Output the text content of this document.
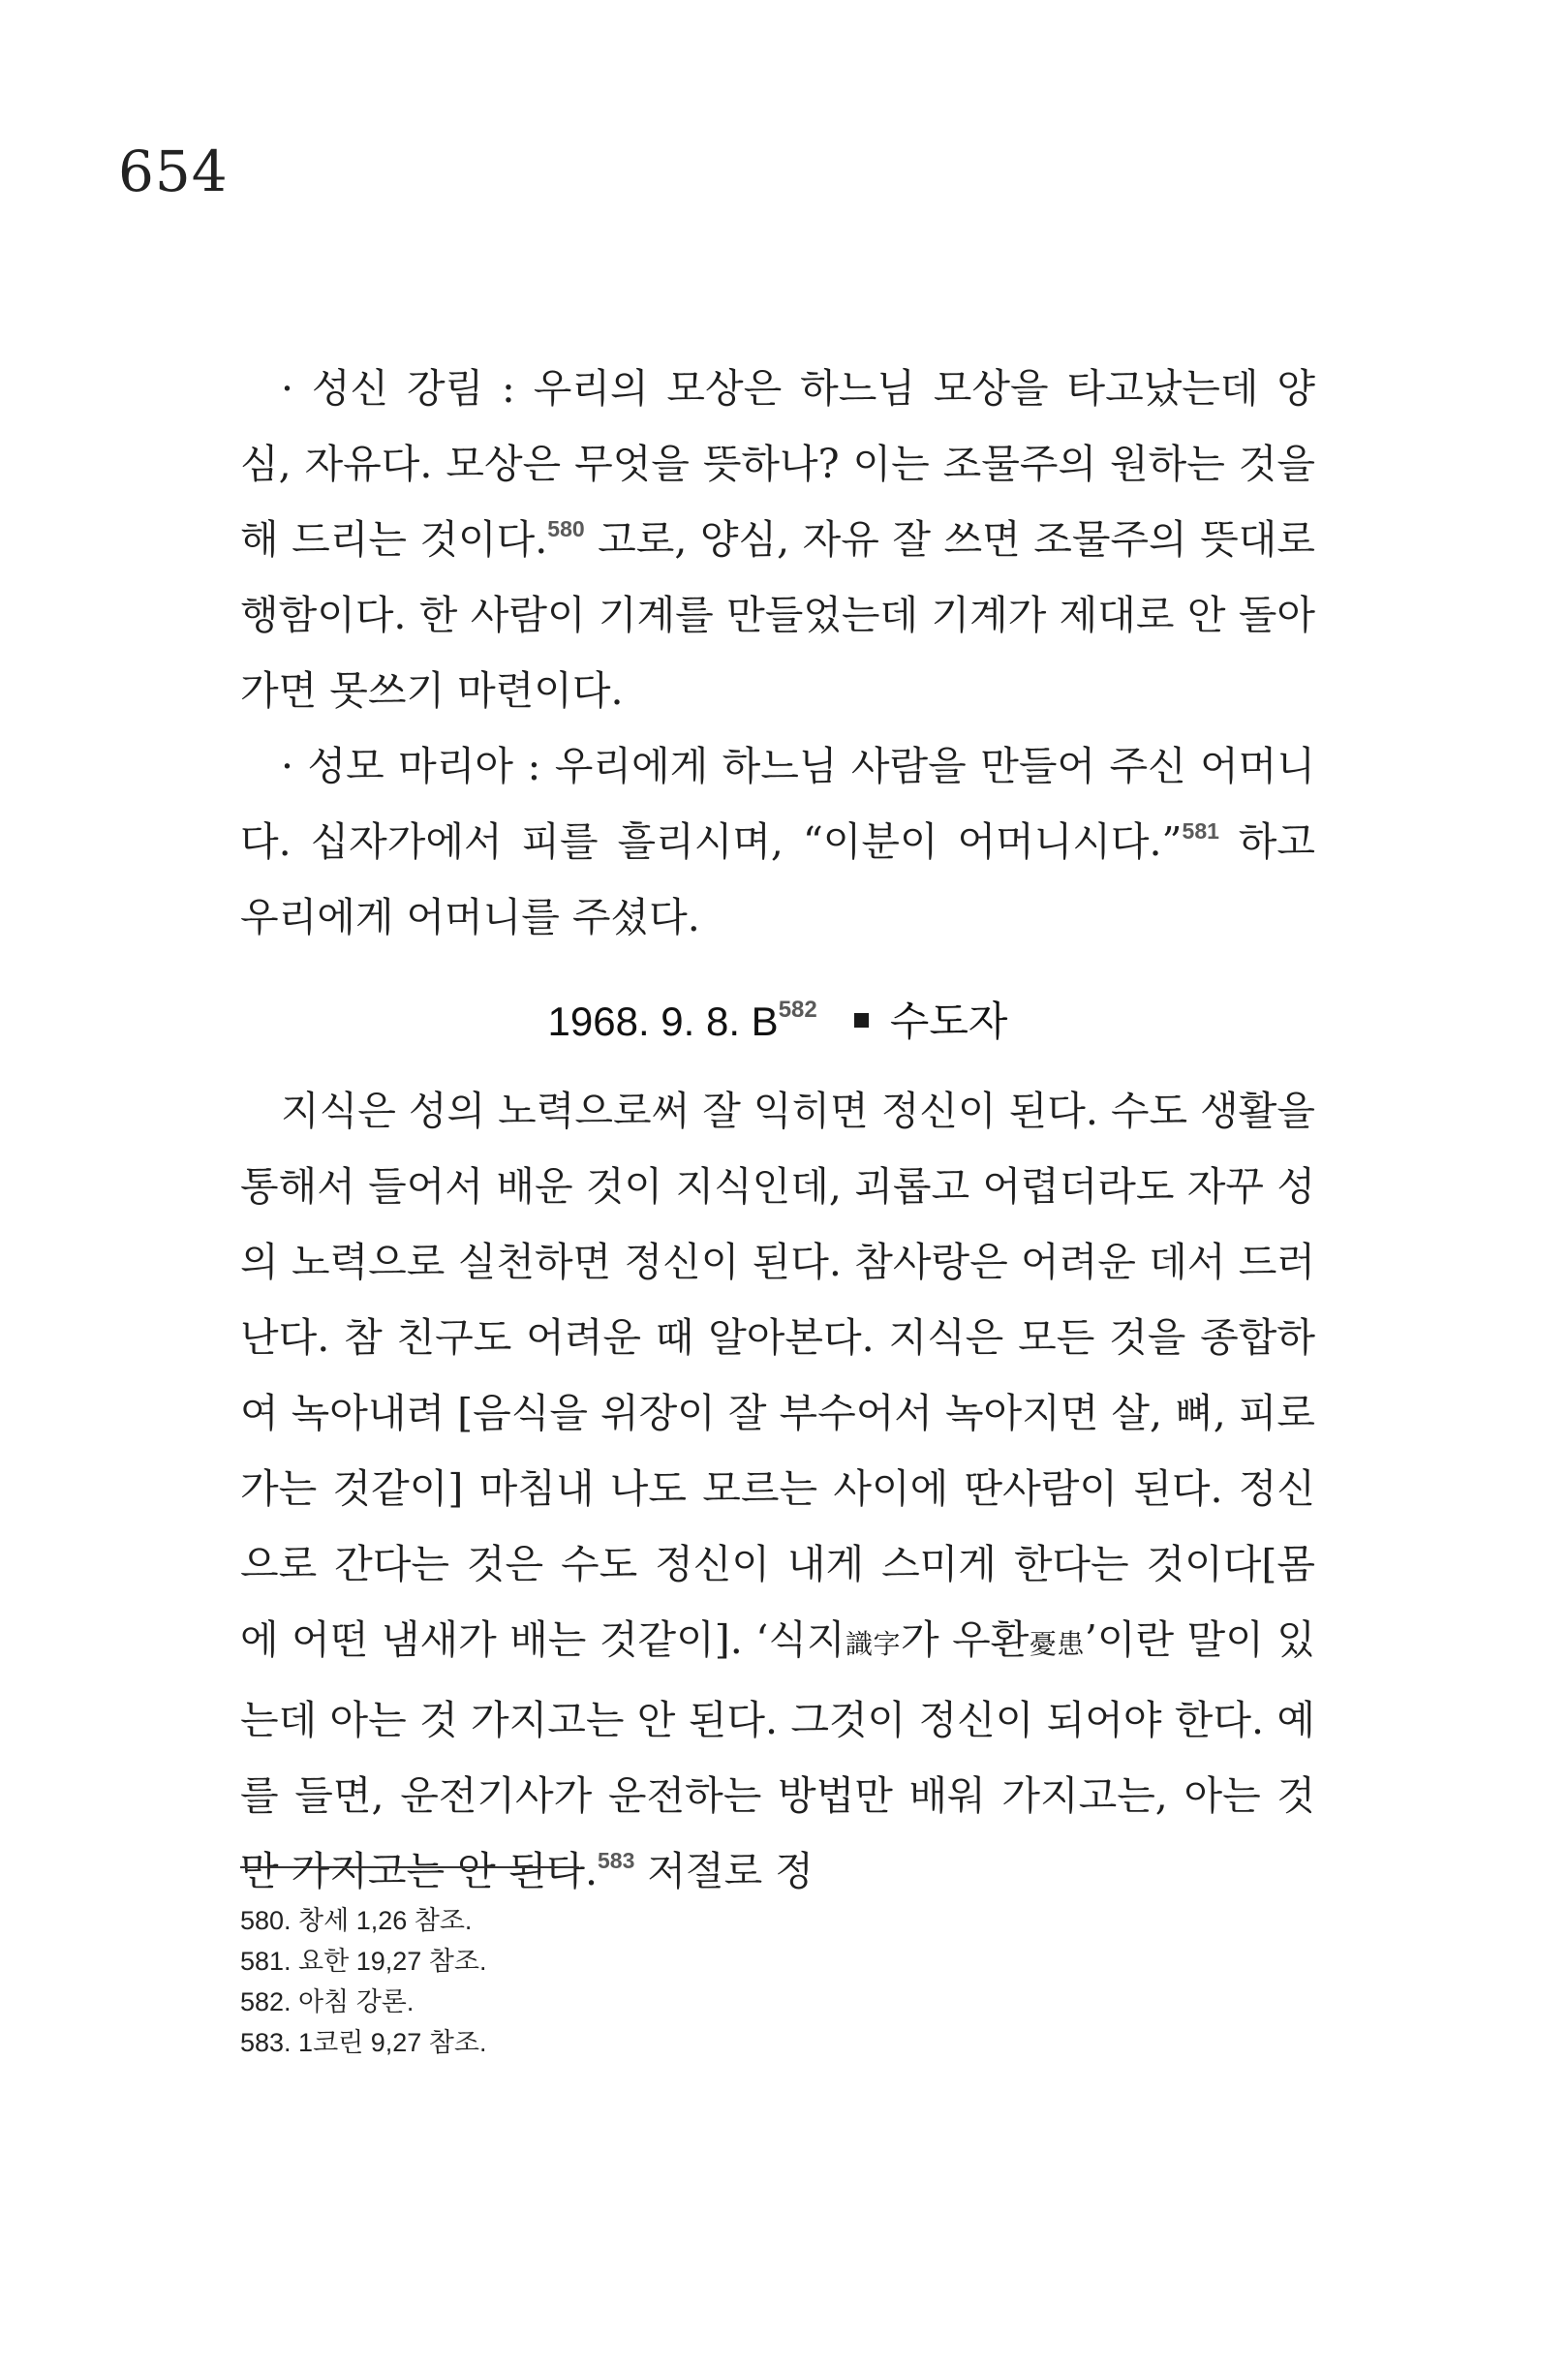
654

· 성신 강림 : 우리의 모상은 하느님 모상을 타고났는데 양심, 자유다. 모상은 무엇을 뜻하나? 이는 조물주의 원하는 것을 해 드리는 것이다.$^{580}$ 고로, 양심, 자유 잘 쓰면 조물주의 뜻대로 행함이다. 한 사람이 기계를 만들었는데 기계가 제대로 안 돌아가면 못쓰기 마련이다.

· 성모 마리아 : 우리에게 하느님 사람을 만들어 주신 어머니다. 십자가에서 피를 흘리시며, “이분이 어머니시다.”$^{581}$ 하고 우리에게 어머니를 주셨다.

1968. 9. 8. B$^{582}$ 수도자

지식은 성의 노력으로써 잘 익히면 정신이 된다. 수도 생활을 통해서 들어서 배운 것이 지식인데, 괴롭고 어렵더라도 자꾸 성의 노력으로 실천하면 정신이 된다. 참사랑은 어려운 데서 드러난다. 참 친구도 어려운 때 알아본다. 지식은 모든 것을 종합하여 녹아내려 [음식을 위장이 잘 부수어서 녹아지면 살, 뼈, 피로 가는 것같이] 마침내 나도 모르는 사이에 딴사람이 된다. 정신으로 간다는 것은 수도 정신이 내게 스미게 한다는 것이다[몸에 어떤 냄새가 배는 것같이]. ‘식지識字가 우환憂患’이란 말이 있는데 아는 것 가지고는 안 된다. 그것이 정신이 되어야 한다. 예를 들면, 운전기사가 운전하는 방법만 배워 가지고는, 아는 것만 가지고는 안 된다.$^{583}$ 저절로 정

580. 창세 1,26 참조.

581. 요한 19,27 참조.

582. 아침 강론.

583. 1코린 9,27 참조.
